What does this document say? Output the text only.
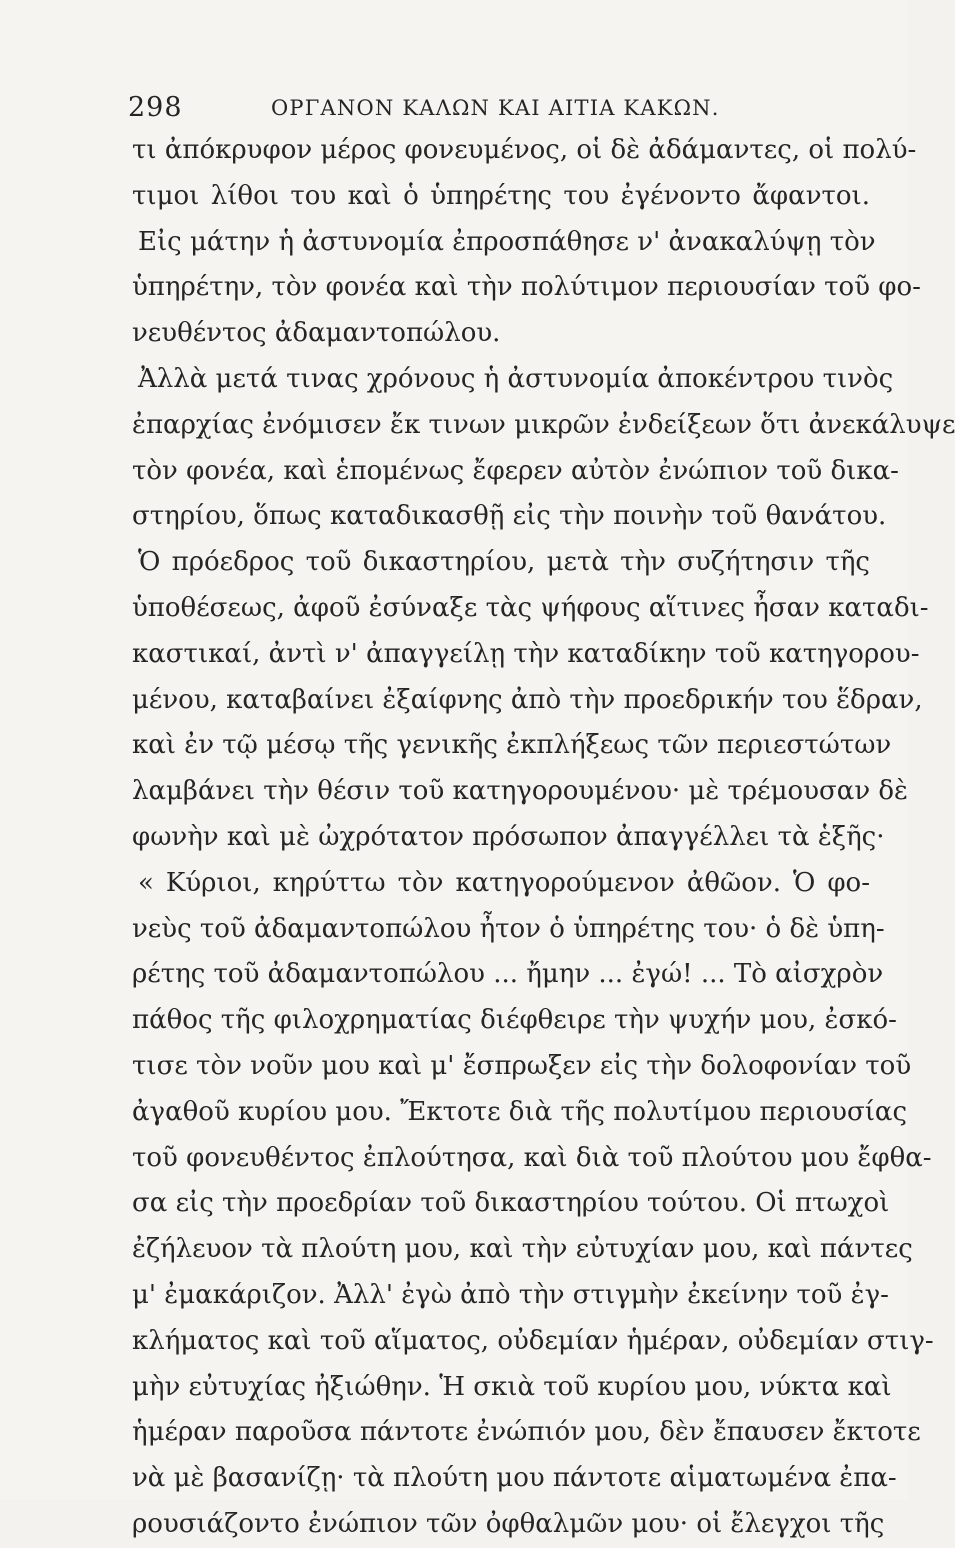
298	ΟΡΓΑΝΟΝ ΚΑΛΩΝ ΚΑΙ ΑΙΤΙΑ ΚΑΚΩΝ.
τι ἀπόκρυφον μέρος φονευμένος, οἱ δὲ ἀδάμαντες, οἱ πολύ-
τιμοι λίθοι του καὶ ὁ ὑπηρέτης του ἐγένοντο ἄφαντοι.
Εἰς μάτην ἡ ἀστυνομία ἐπροσπάθησε ν' ἀνακαλύψῃ τὸν
ὑπηρέτην, τὸν φονέα καὶ τὴν πολύτιμον περιουσίαν τοῦ φο-
νευθέντος ἀδαμαντοπώλου.
Ἀλλὰ μετά τινας χρόνους ἡ ἀστυνομία ἀποκέντρου τινὸς
ἐπαρχίας ἐνόμισεν ἔκ τινων μικρῶν ἐνδείξεων ὅτι ἀνεκάλυψε
τὸν φονέα, καὶ ἑπομένως ἔφερεν αὐτὸν ἐνώπιον τοῦ δικα-
στηρίου, ὅπως καταδικασθῇ εἰς τὴν ποινὴν τοῦ θανάτου.
Ὁ πρόεδρος τοῦ δικαστηρίου, μετὰ τὴν συζήτησιν τῆς
ὑποθέσεως, ἀφοῦ ἐσύναξε τὰς ψήφους αἵτινες ἦσαν καταδι-
καστικαί, ἀντὶ ν' ἀπαγγείλῃ τὴν καταδίκην τοῦ κατηγορου-
μένου, καταβαίνει ἐξαίφνης ἀπὸ τὴν προεδρικήν του ἕδραν,
καὶ ἐν τῷ μέσῳ τῆς γενικῆς ἐκπλήξεως τῶν περιεστώτων
λαμβάνει τὴν θέσιν τοῦ κατηγορουμένου· μὲ τρέμουσαν δὲ
φωνὴν καὶ μὲ ὠχρότατον πρόσωπον ἀπαγγέλλει τὰ ἑξῆς·
« Κύριοι, κηρύττω τὸν κατηγορούμενον ἀθῶον. Ὁ φο-
νεὺς τοῦ ἀδαμαντοπώλου ἦτον ὁ ὑπηρέτης του· ὁ δὲ ὑπη-
ρέτης τοῦ ἀδαμαντοπώλου ... ἤμην ... ἐγώ! ... Τὸ αἰσχρὸν
πάθος τῆς φιλοχρηματίας διέφθειρε τὴν ψυχήν μου, ἐσκό-
τισε τὸν νοῦν μου καὶ μ' ἔσπρωξεν εἰς τὴν δολοφονίαν τοῦ
ἀγαθοῦ κυρίου μου. Ἔκτοτε διὰ τῆς πολυτίμου περιουσίας
τοῦ φονευθέντος ἐπλούτησα, καὶ διὰ τοῦ πλούτου μου ἔφθα-
σα εἰς τὴν προεδρίαν τοῦ δικαστηρίου τούτου. Οἱ πτωχοὶ
ἐζήλευον τὰ πλούτη μου, καὶ τὴν εὐτυχίαν μου, καὶ πάντες
μ' ἐμακάριζον. Ἀλλ' ἐγὼ ἀπὸ τὴν στιγμὴν ἐκείνην τοῦ ἐγ-
κλήματος καὶ τοῦ αἵματος, οὐδεμίαν ἡμέραν, οὐδεμίαν στιγ-
μὴν εὐτυχίας ἠξιώθην. Ἡ σκιὰ τοῦ κυρίου μου, νύκτα καὶ
ἡμέραν παροῦσα πάντοτε ἐνώπιόν μου, δὲν ἔπαυσεν ἔκτοτε
νὰ μὲ βασανίζῃ· τὰ πλούτη μου πάντοτε αἱματωμένα ἐπα-
ρουσιάζοντο ἐνώπιον τῶν ὀφθαλμῶν μου· οἱ ἔλεγχοι τῆς
